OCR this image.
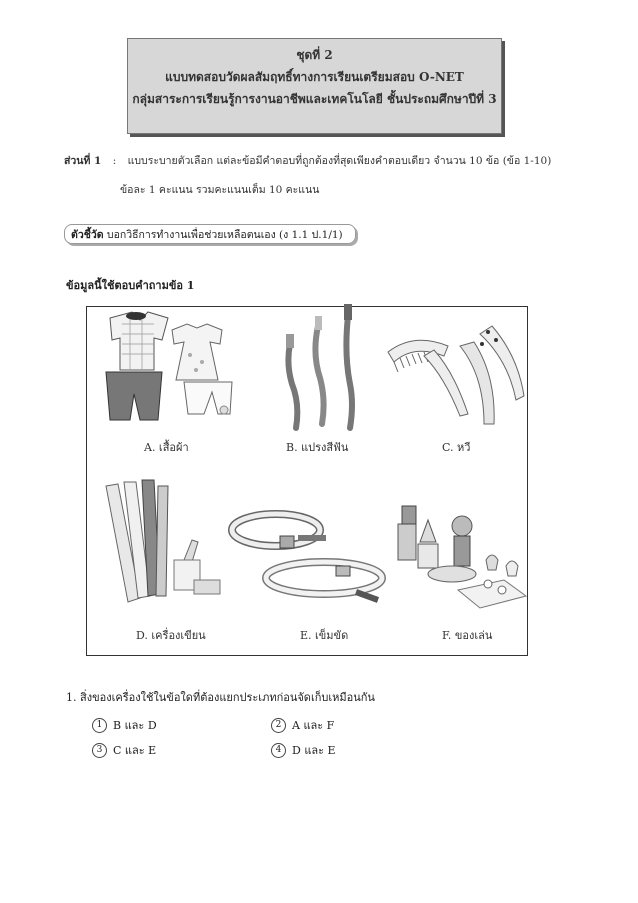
ชุดที่ 2
แบบทดสอบวัดผลสัมฤทธิ์ทางการเรียนเตรียมสอบ O-NET
กลุ่มสาระการเรียนรู้การงานอาชีพและเทคโนโลยี ชั้นประถมศึกษาปีที่ 3
ส่วนที่ 1 : แบบระบายตัวเลือก แต่ละข้อมีคำตอบที่ถูกต้องที่สุดเพียงคำตอบเดียว จำนวน 10 ข้อ (ข้อ 1-10)
ข้อละ 1 คะแนน รวมคะแนนเต็ม 10 คะแนน
ตัวชี้วัด บอกวิธีการทำงานเพื่อช่วยเหลือตนเอง (ง 1.1 ป.1/1)
ข้อมูลนี้ใช้ตอบคำถามข้อ 1
A. เสื้อผ้า	B. แปรงสีฟัน	C. หวี
D. เครื่องเขียน	E. เข็มขัด	F. ของเล่น
1. สิ่งของเครื่องใช้ในข้อใดที่ต้องแยกประเภทก่อนจัดเก็บเหมือนกัน
1 B และ D	2 A และ F
3 C และ E	4 D และ E
